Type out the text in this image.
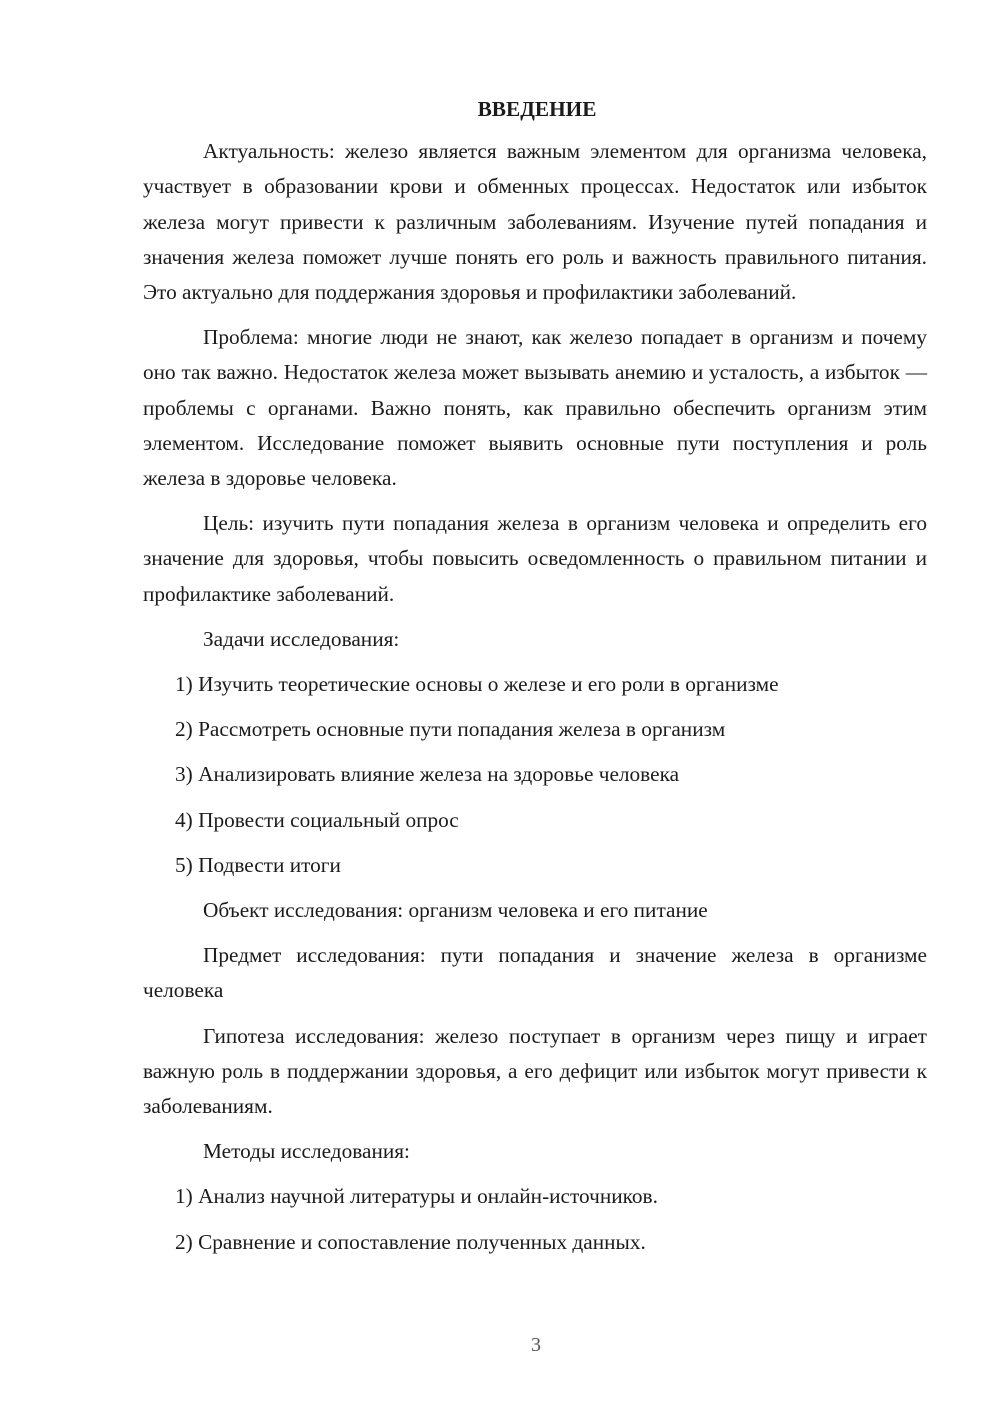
ВВЕДЕНИЕ

Актуальность: железо является важным элементом для организма человека, участвует в образовании крови и обменных процессах. Недостаток или избыток железа могут привести к различным заболеваниям. Изучение путей попадания и значения железа поможет лучше понять его роль и важность правильного питания. Это актуально для поддержания здоровья и профилактики заболеваний.

Проблема: многие люди не знают, как железо попадает в организм и почему оно так важно. Недостаток железа может вызывать анемию и усталость, а избыток — проблемы с органами. Важно понять, как правильно обеспечить организм этим элементом. Исследование поможет выявить основные пути поступления и роль железа в здоровье человека.

Цель: изучить пути попадания железа в организм человека и определить его значение для здоровья, чтобы повысить осведомленность о правильном питании и профилактике заболеваний.

Задачи исследования:
1) Изучить теоретические основы о железе и его роли в организме
2) Рассмотреть основные пути попадания железа в организм
3) Анализировать влияние железа на здоровье человека
4) Провести социальный опрос
5) Подвести итоги
Объект исследования: организм человека и его питание

Предмет исследования: пути попадания и значение железа в организме человека

Гипотеза исследования: железо поступает в организм через пищу и играет важную роль в поддержании здоровья, а его дефицит или избыток могут привести к заболеваниям.

Методы исследования:
1) Анализ научной литературы и онлайн-источников.
2) Сравнение и сопоставление полученных данных.
3
